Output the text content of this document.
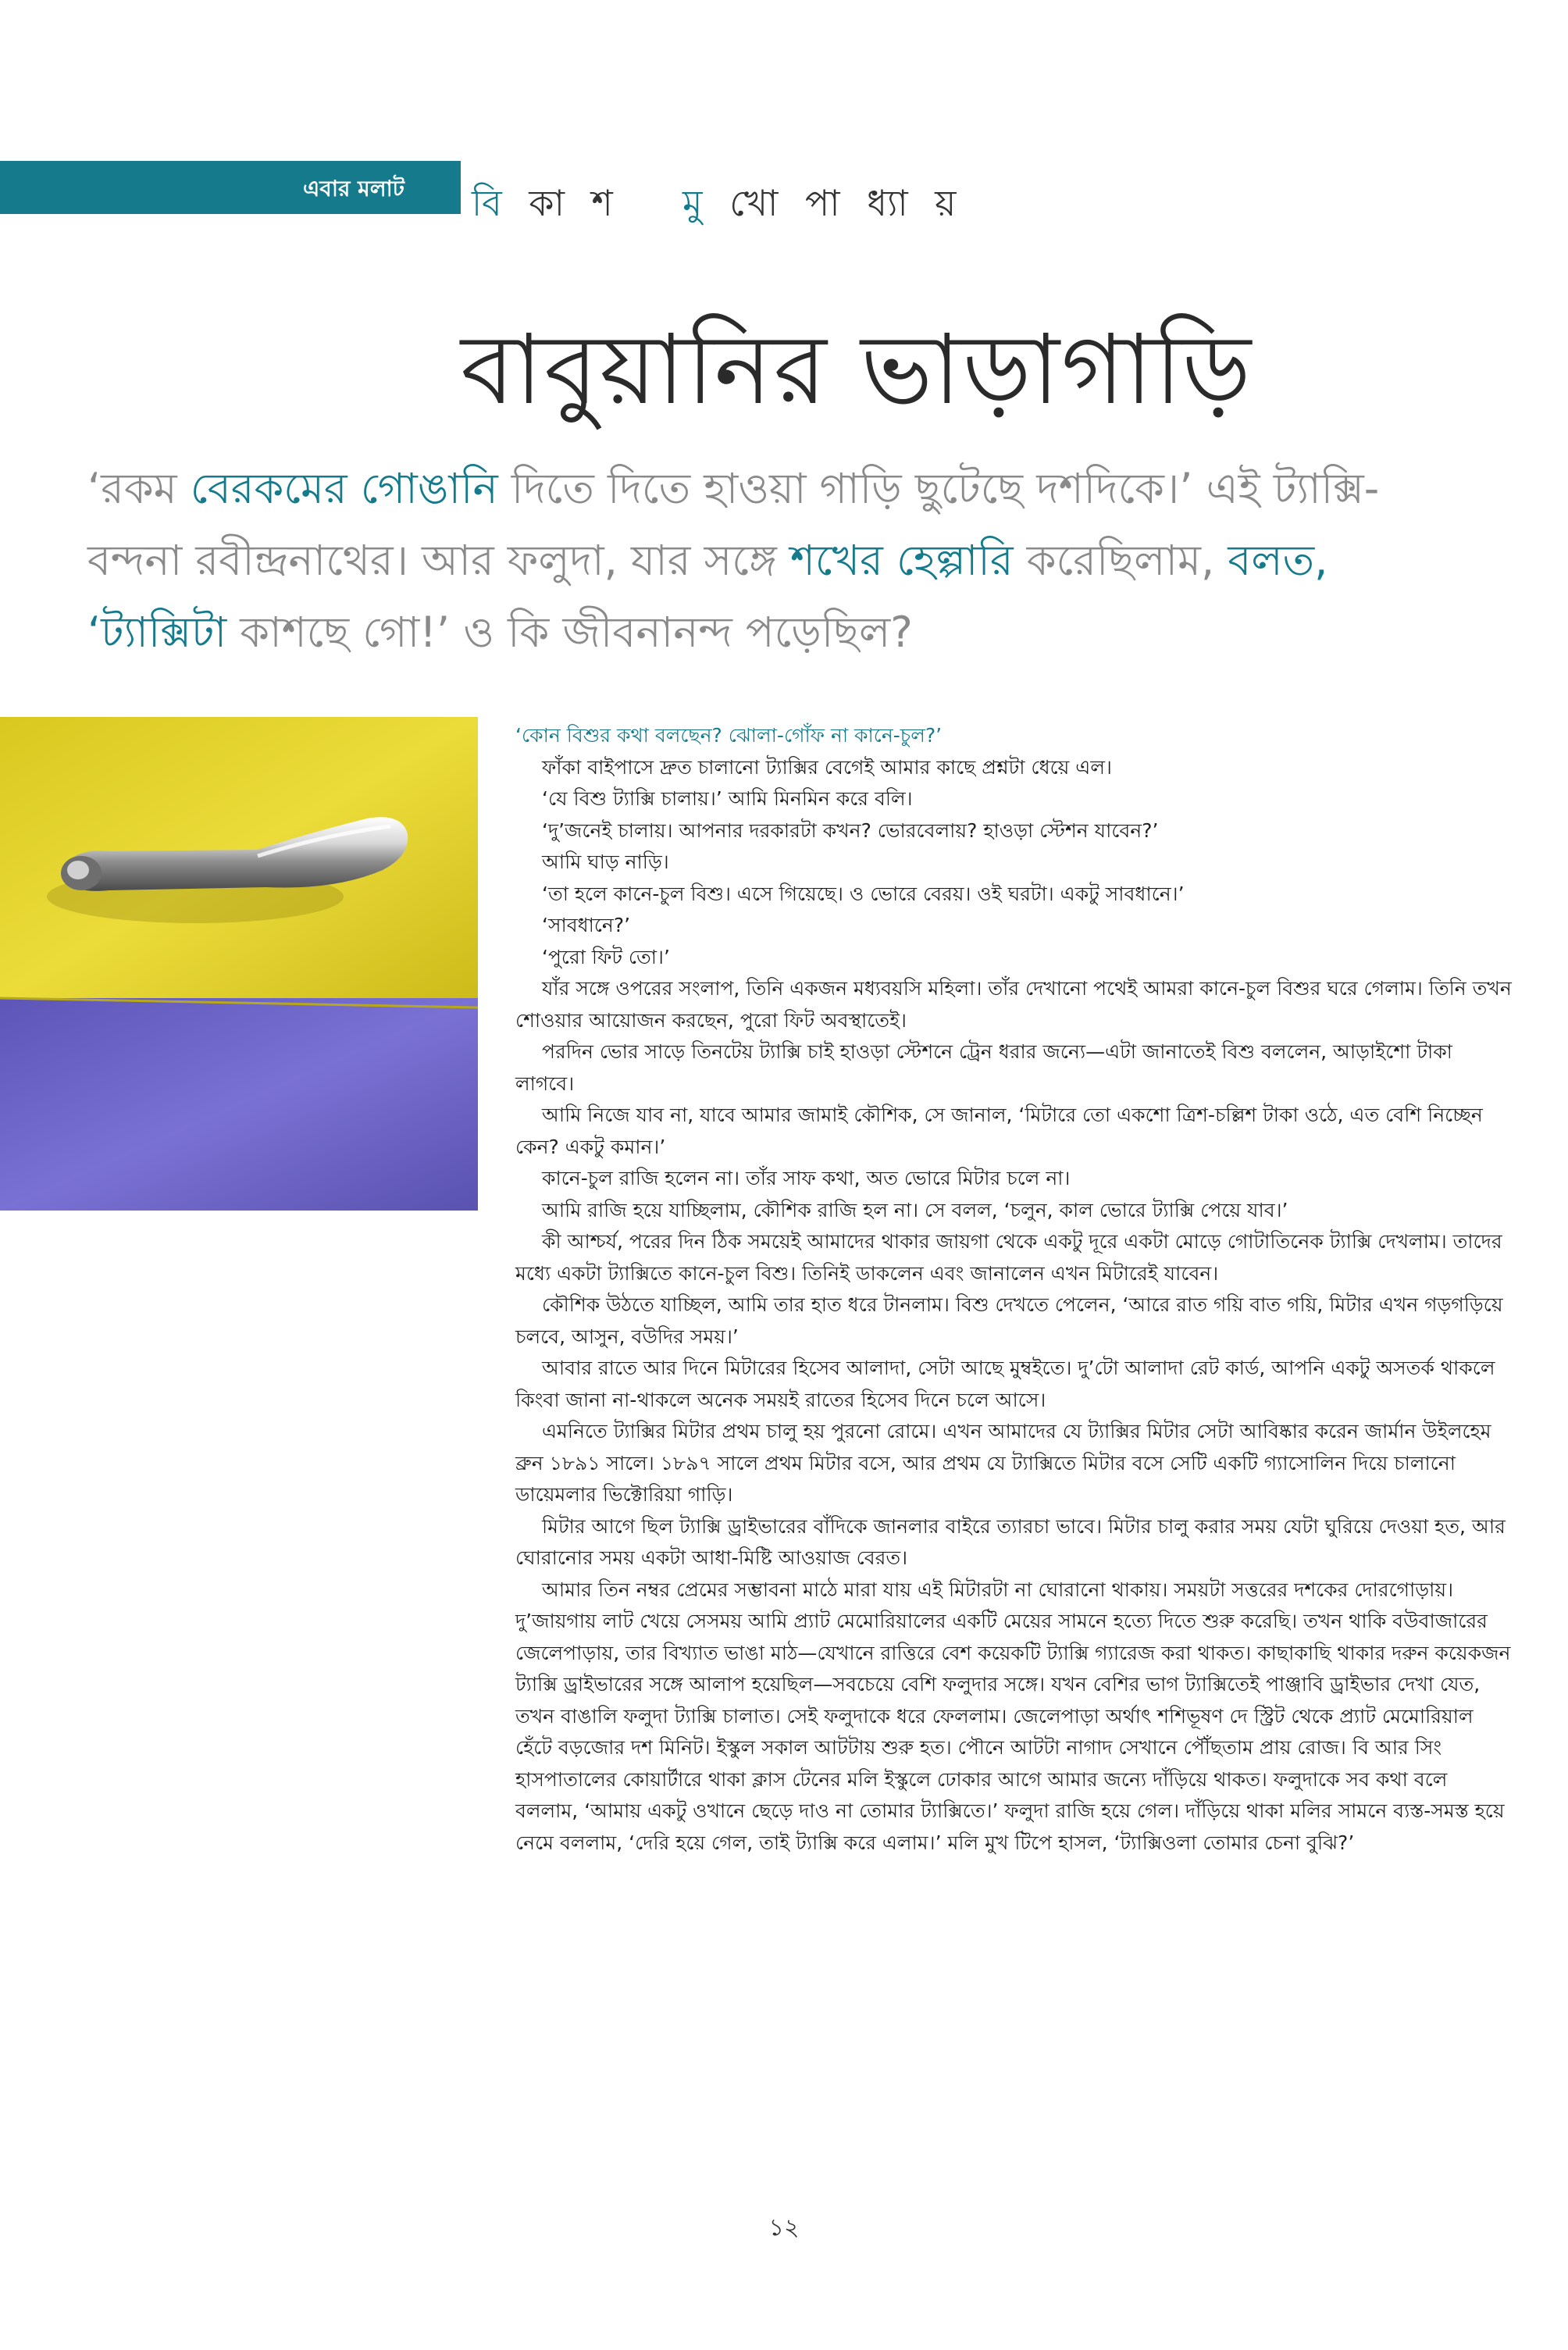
এবার মলাট বি কা শ মু খো পা ধ্যা য়
বাবুয়ানির ভাড়াগাড়ি
‘রকম বেরকমের গোঙানি দিতে দিতে হাওয়া গাড়ি ছুটেছে দশদিকে।’ এই ট্যাক্সি-বন্দনা রবীন্দ্রনাথের। আর ফলুদা, যার সঙ্গে শখের হেল্পারি করেছিলাম, বলত, ‘ট্যাক্সিটা কাশছে গো!’ ও কি জীবনানন্দ পড়েছিল?

‘কোন বিশুর কথা বলছেন? ঝোলা-গোঁফ না কানে-চুল?’

ফাঁকা বাইপাসে দ্রুত চালানো ট্যাক্সির বেগেই আমার কাছে প্রশ্নটা ধেয়ে এল।

‘যে বিশু ট্যাক্সি চালায়।’ আমি মিনমিন করে বলি।

‘দু’জনেই চালায়। আপনার দরকারটা কখন? ভোরবেলায়? হাওড়া স্টেশন যাবেন?’

আমি ঘাড় নাড়ি।

‘তা হলে কানে-চুল বিশু। এসে গিয়েছে। ও ভোরে বেরয়। ওই ঘরটা। একটু সাবধানে।’

‘সাবধানে?’

‘পুরো ফিট তো।’

যাঁর সঙ্গে ওপরের সংলাপ, তিনি একজন মধ্যবয়সি মহিলা। তাঁর দেখানো পথেই আমরা কানে-চুল বিশুর ঘরে গেলাম। তিনি তখন শোওয়ার আয়োজন করছেন, পুরো ফিট অবস্থাতেই।

পরদিন ভোর সাড়ে তিনটেয় ট্যাক্সি চাই হাওড়া স্টেশনে ট্রেন ধরার জন্যে—এটা জানাতেই বিশু বললেন, আড়াইশো টাকা লাগবে।

আমি নিজে যাব না, যাবে আমার জামাই কৌশিক, সে জানাল, ‘মিটারে তো একশো ত্রিশ-চল্লিশ টাকা ওঠে, এত বেশি নিচ্ছেন কেন? একটু কমান।’

কানে-চুল রাজি হলেন না। তাঁর সাফ কথা, অত ভোরে মিটার চলে না।

আমি রাজি হয়ে যাচ্ছিলাম, কৌশিক রাজি হল না। সে বলল, ‘চলুন, কাল ভোরে ট্যাক্সি পেয়ে যাব।’

কী আশ্চর্য, পরের দিন ঠিক সময়েই আমাদের থাকার জায়গা থেকে একটু দূরে একটা মোড়ে গোটাতিনেক ট্যাক্সি দেখলাম। তাদের মধ্যে একটা ট্যাক্সিতে কানে-চুল বিশু। তিনিই ডাকলেন এবং জানালেন এখন মিটারেই যাবেন।

কৌশিক উঠতে যাচ্ছিল, আমি তার হাত ধরে টানলাম। বিশু দেখতে পেলেন, ‘আরে রাত গয়ি বাত গয়ি, মিটার এখন গড়গড়িয়ে চলবে, আসুন, বউদির সময়।’

আবার রাতে আর দিনে মিটারের হিসেব আলাদা, সেটা আছে মুম্বইতে। দু’টো আলাদা রেট কার্ড, আপনি একটু অসতর্ক থাকলে কিংবা জানা না-থাকলে অনেক সময়ই রাতের হিসেব দিনে চলে আসে।

এমনিতে ট্যাক্সির মিটার প্রথম চালু হয় পুরনো রোমে। এখন আমাদের যে ট্যাক্সির মিটার সেটা আবিষ্কার করেন জার্মান উইলহেম ব্রুন ১৮৯১ সালে। ১৮৯৭ সালে প্রথম মিটার বসে, আর প্রথম যে ট্যাক্সিতে মিটার বসে সেটি একটি গ্যাসোলিন দিয়ে চালানো ডায়েমলার ভিক্টোরিয়া গাড়ি।

মিটার আগে ছিল ট্যাক্সি ড্রাইভারের বাঁদিকে জানলার বাইরে ত্যারচা ভাবে। মিটার চালু করার সময় যেটা ঘুরিয়ে দেওয়া হত, আর ঘোরানোর সময় একটা আধা-মিষ্টি আওয়াজ বেরত।

আমার তিন নম্বর প্রেমের সম্ভাবনা মাঠে মারা যায় এই মিটারটা না ঘোরানো থাকায়। সময়টা সত্তরের দশকের দোরগোড়ায়। দু’জায়গায় লাট খেয়ে সেসময় আমি প্র্যাট মেমোরিয়ালের একটি মেয়ের সামনে হত্যে দিতে শুরু করেছি। তখন থাকি বউবাজারের জেলেপাড়ায়, তার বিখ্যাত ভাঙা মাঠ—যেখানে রাত্তিরে বেশ কয়েকটি ট্যাক্সি গ্যারেজ করা থাকত। কাছাকাছি থাকার দরুন কয়েকজন ট্যাক্সি ড্রাইভারের সঙ্গে আলাপ হয়েছিল—সবচেয়ে বেশি ফলুদার সঙ্গে। যখন বেশির ভাগ ট্যাক্সিতেই পাঞ্জাবি ড্রাইভার দেখা যেত, তখন বাঙালি ফলুদা ট্যাক্সি চালাত। সেই ফলুদাকে ধরে ফেললাম। জেলেপাড়া অর্থাৎ শশিভূষণ দে স্ট্রিট থেকে প্র্যাট মেমোরিয়াল হেঁটে বড়জোর দশ মিনিট। ইস্কুল সকাল আটটায় শুরু হত। পৌনে আটটা নাগাদ সেখানে পৌঁছতাম প্রায় রোজ। বি আর সিং হাসপাতালের কোয়ার্টারে থাকা ক্লাস টেনের মলি ইস্কুলে ঢোকার আগে আমার জন্যে দাঁড়িয়ে থাকত। ফলুদাকে সব কথা বলে বললাম, ‘আমায় একটু ওখানে ছেড়ে দাও না তোমার ট্যাক্সিতে।’ ফলুদা রাজি হয়ে গেল। দাঁড়িয়ে থাকা মলির সামনে ব্যস্ত-সমস্ত হয়ে নেমে বললাম, ‘দেরি হয়ে গেল, তাই ট্যাক্সি করে এলাম।’ মলি মুখ টিপে হাসল, ‘ট্যাক্সিওলা তোমার চেনা বুঝি?’

১২
